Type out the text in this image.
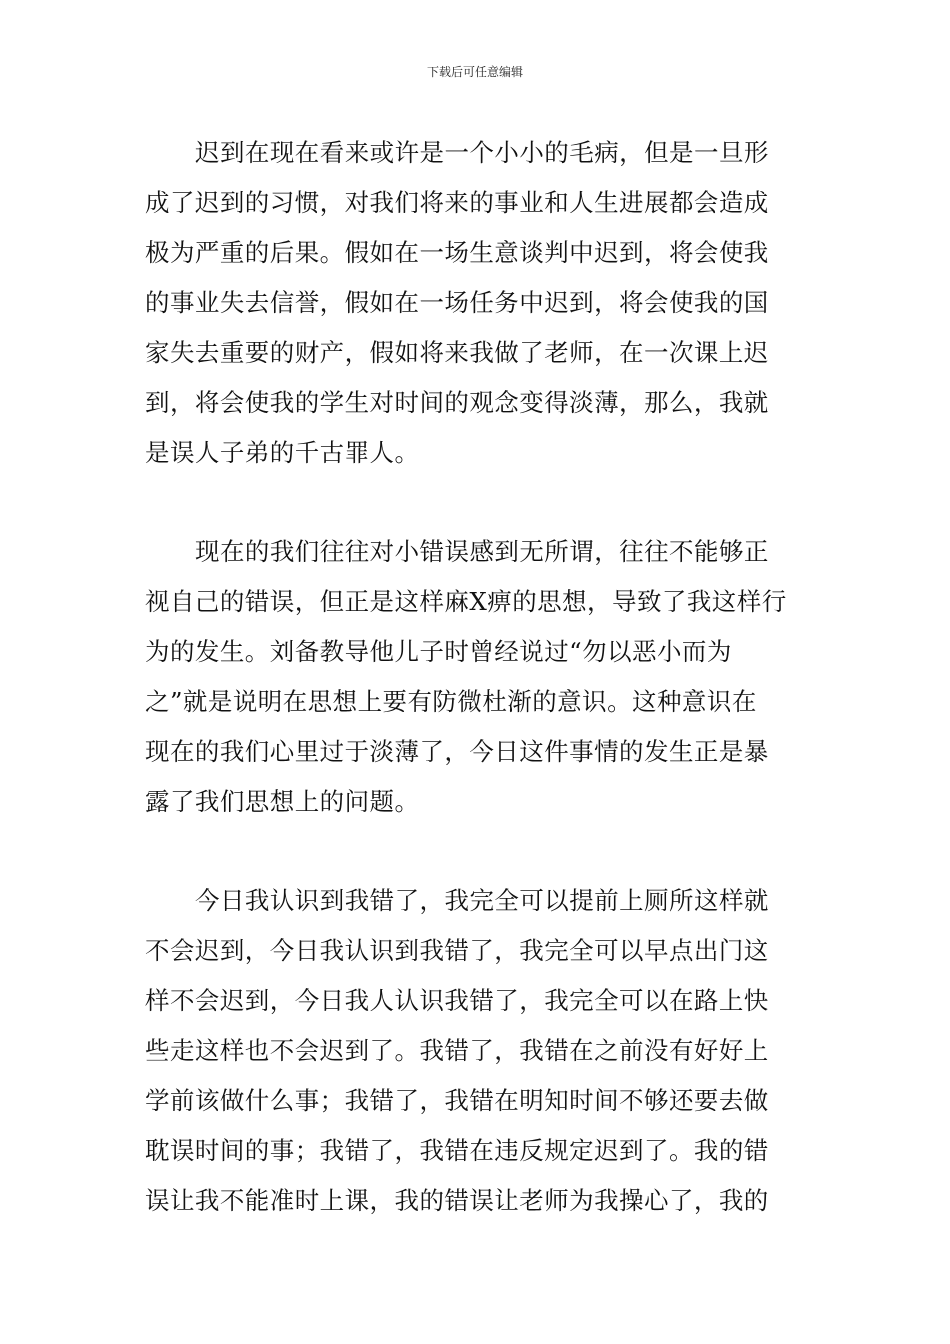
下载后可任意编辑

迟到在现在看来或许是一个小小的毛病，但是一旦形
成了迟到的习惯，对我们将来的事业和人生进展都会造成
极为严重的后果。假如在一场生意谈判中迟到，将会使我
的事业失去信誉，假如在一场任务中迟到，将会使我的国
家失去重要的财产，假如将来我做了老师，在一次课上迟
到，将会使我的学生对时间的观念变得淡薄，那么，我就
是误人子弟的千古罪人。

现在的我们往往对小错误感到无所谓，往往不能够正
视自己的错误，但正是这样麻X痹的思想，导致了我这样行
为的发生。刘备教导他儿子时曾经说过“勿以恶小而为
之”就是说明在思想上要有防微杜渐的意识。这种意识在
现在的我们心里过于淡薄了，今日这件事情的发生正是暴
露了我们思想上的问题。

今日我认识到我错了，我完全可以提前上厕所这样就
不会迟到，今日我认识到我错了，我完全可以早点出门这
样不会迟到，今日我人认识我错了，我完全可以在路上快
些走这样也不会迟到了。我错了，我错在之前没有好好上
学前该做什么事；我错了，我错在明知时间不够还要去做
耽误时间的事；我错了，我错在违反规定迟到了。我的错
误让我不能准时上课，我的错误让老师为我操心了，我的
